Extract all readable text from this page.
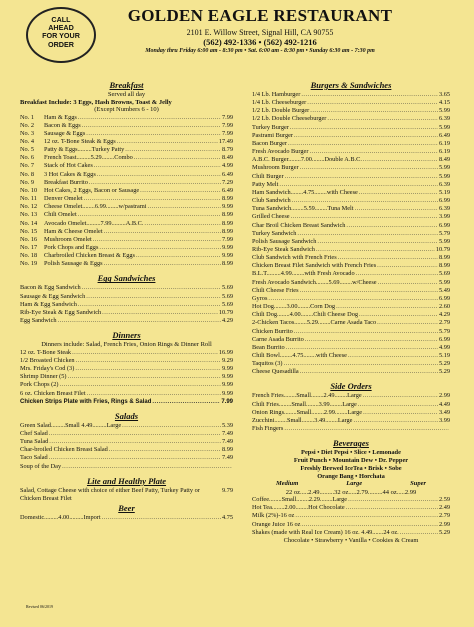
CALL
AHEAD
FOR YOUR
ORDER
GOLDEN EAGLE RESTAURANT
2101 E. Willow Street, Signal Hill, CA 90755
(562) 492-1336 • (562) 492-1216
Monday thru Friday 6:00 am - 8:30 pm • Sat. 6:00 am - 8:30 pm • Sunday 6:30 am - 7:30 pm
Breakfast
Served all day
Breakfast Include: 3 Eggs, Hash Browns, Toast & Jelly
(Except Numbers 6 - 10)
No. 1	Ham & Eggs .....	7.99
No. 2	Bacon & Eggs .....	7.99
No. 3	Sausage & Eggs .....	7.99
No. 4	12 oz. T-Bone Steak & Eggs .....	17.49
No. 5	Patty & Eggs.........Turkey Patty .....	8.79
No. 6	French Toast.........5.29........Combo .....	8.49
No. 7	Stack of Hot Cakes .....	4.99
No. 8	3 Hot Cakes & Eggs .....	6.49
No. 9	Breakfast Burrito .....	7.29
No. 10	Hot Cakes, 2 Eggs, Bacon or Sausage .....	6.49
No. 11	Denver Omelet .....	8.99
No. 12	Cheese Omelet........6.99........w/pastrami .....	9.99
No. 13	Chili Omelet .....	8.99
No. 14	Avocado Omelet.........7.99.........A.B.C. .....	8.99
No. 15	Ham & Cheese Omelet .....	8.99
No. 16	Mushroom Omelet .....	7.99
No. 17	Pork Chops and Eggs .....	9.99
No. 18	Charbroiled Chicken Breast & Eggs .....	9.99
No. 19	Polish Sausage & Eggs .....	8.99
Egg Sandwiches
Bacon & Egg Sandwich .....	5.69
Sausage & Egg Sandwich .....	5.69
Ham & Egg Sandwich .....	5.69
Rib-Eye Steak & Egg Sandwich .....	10.79
Egg Sandwich .....	4.29
Dinners
Dinners include: Salad, French Fries, Onion Rings & Dinner Roll
12 oz. T-Bone Steak .....	16.99
1/2 Broasted Chicken .....	9.29
Mrs. Friday's Cod (3) .....	9.99
Shrimp Dinner (5) .....	9.99
Pork Chops (2) .....	9.99
6 oz. Chicken Breast Filet .....	9.99
Chicken Strips Plate with Fries, Rings & Salad .....	7.99
Salads
Green Salad.........Small 4.49.........Large .....	5.39
Chef Salad .....	7.49
Tuna Salad .....	7.49
Char-broiled Chicken Breast Salad .....	8.99
Taco Salad .....	7.49
Soup of the Day
.....
Lite and Healthy Plate
Salad, Cottage Cheese with choice of either Beef Patty, Turkey Patty or Chicken Breast Filet
9.79
Beer
Domestic.........4.00.........Import .....	4.75
Burgers & Sandwiches
1/4 Lb. Hamburger .....	3.65
1/4 Lb. Cheeseburger .....	4.15
1/2 Lb. Double Burger .....	5.99
1/2 Lb. Double Cheeseburger .....	6.39
Turkey Burger .....	5.99
Pastrami Burger .....	6.49
Bacon Burger .....	6.19
Fresh Avocado Burger .....	6.19
A.B.C. Burger........7.00........Double A.B.C. .....	8.49
Mushroom Burger .....	5.99
Chili Burger .....	5.99
Patty Melt .....	6.39
Ham Sandwich........4.75........with Cheese .....	5.19
Club Sandwich .....	6.99
Tuna Sandwich........5.59........Tuna Melt .....	6.39
Grilled Cheese .....	3.99
Char Broil Chicken Breast Sandwich .....	6.99
Turkey Sandwich .....	5.79
Polish Sausage Sandwich .....	5.99
Rib-Eye Steak Sandwich .....	10.79
Club Sandwich with French Fries .....	8.99
Chicken Breast Filet Sandwich with French Fries .....	8.99
B.L.T.........4.99........with Fresh Avocado .....	5.69
Fresh Avocado Sandwich........5.69........w/Cheese .....	5.99
Chili Cheese Fries .....	5.49
Gyros .....	6.99
Hot Dog........3.00........Corn Dog .....	2.60
Chili Dog........4.00........Chili Cheese Dog .....	4.29
2-Chicken Tacos........5.29........Carne Asada Taco .....	2.79
Chicken Burrito .....	5.79
Carne Asada Burrito .....	6.99
Bean Burrito .....	4.99
Chili Bowl........4.75........with Cheese .....	5.19
Taquitos (3) .....	5.29
Cheese Quesadilla .....	5.29
Side Orders
French Fries........Small........2.49........Large .....	2.99
Chili Fries........Small........3.99........Large .....	4.49
Onion Rings........Small........2.99........Large .....	3.49
Zucchini........Small........3.49........Large .....	3.99
Fish Fingers
.....
Beverages
Pepsi • Diet Pepsi • Slice • Lemonade
Fruit Punch • Mountain Dew • Dr. Pepper
Freshly Brewed IceTea • Brisk • Sobe
Orange Bang • Horchata
Medium	Large	Super
22 oz.....2.49.........32 oz.....2.79.........44 oz.....2.99
Coffee........Small........2.29........Large .....	2.59
Hot Tea........2.00........Hot Chocolate .....	2.49
Milk (2%)-16 oz .....	2.79
Orange Juice 16 oz .....	2.99
Shakes (made with Real Ice Cream) 16 oz. 4.49.......24 oz. .....	5.29
Chocolate • Strawberry • Vanilla • Cookies & Cream
Revised 06/2019
